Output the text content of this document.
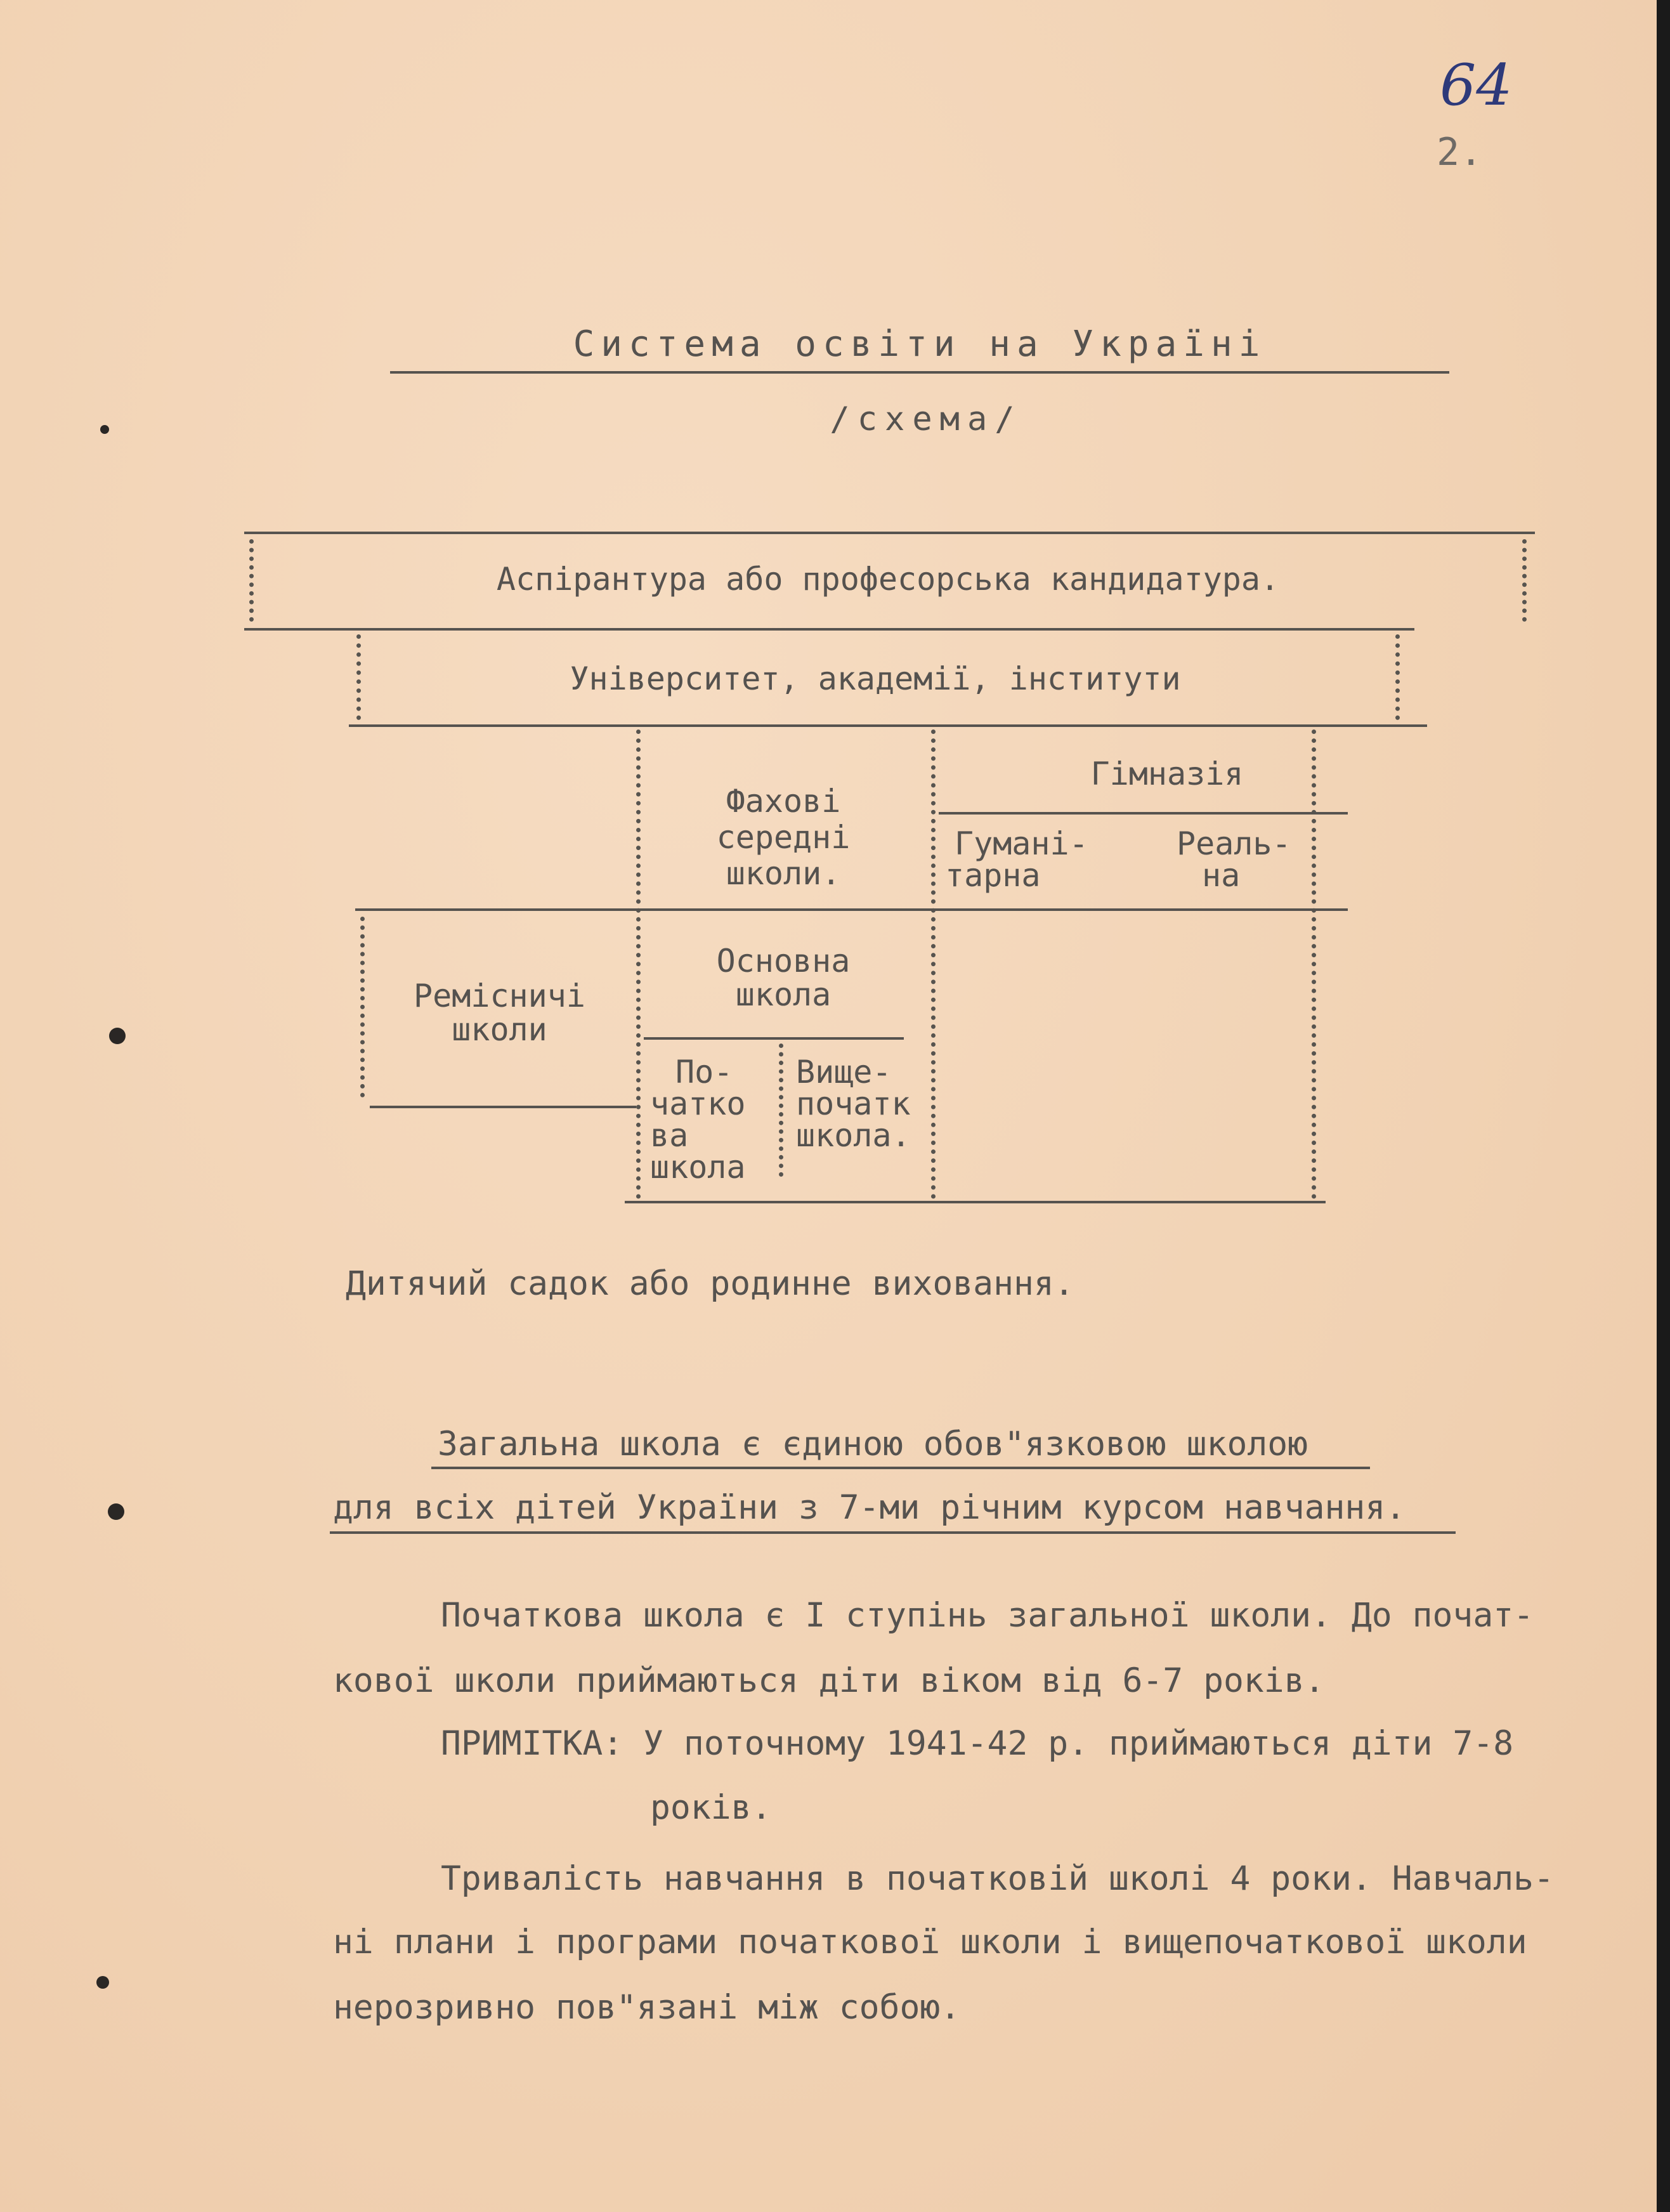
64
2.
Система освіти на Україні
/схема/
Аспірантура або професорська кандидатура.
Університет, академії, інститути
Фахові
середні
школи.
Гімназія
Гумані-
тарна
Реаль-
на
Ремісничі
школи
Основна
школа
По-
чатко
ва
школа
Вище-
початк
школа.
Дитячий садок або родинне виховання.
Загальна школа є єдиною обов"язковою школою
для всіх дітей України з 7-ми річним курсом навчання.
Початкова школа є I ступінь загальної школи. До почат-
кової школи приймаються діти віком від 6-7 років.
ПРИМІТКА: У поточному 1941-42 р. приймаються діти 7-8
років.
Тривалість навчання в початковій школі 4 роки. Навчаль-
ні плани і програми початкової школи і вищепочаткової школи
нерозривно пов"язані між собою.
